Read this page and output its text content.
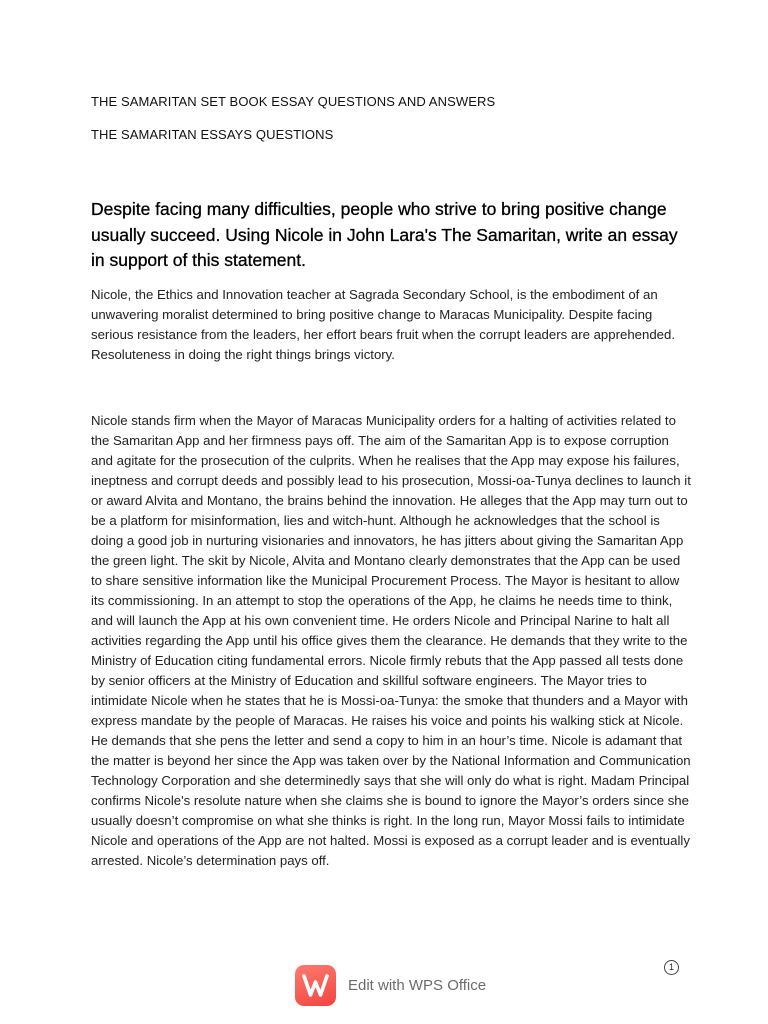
THE SAMARITAN SET BOOK ESSAY QUESTIONS AND ANSWERS

THE SAMARITAN ESSAYS QUESTIONS

Despite facing many difficulties, people who strive to bring positive change usually succeed. Using Nicole in John Lara's The Samaritan, write an essay in support of this statement.

Nicole, the Ethics and Innovation teacher at Sagrada Secondary School, is the embodiment of an unwavering moralist determined to bring positive change to Maracas Municipality. Despite facing serious resistance from the leaders, her effort bears fruit when the corrupt leaders are apprehended. Resoluteness in doing the right things brings victory.

Nicole stands firm when the Mayor of Maracas Municipality orders for a halting of activities related to the Samaritan App and her firmness pays off. The aim of the Samaritan App is to expose corruption and agitate for the prosecution of the culprits. When he realises that the App may expose his failures, ineptness and corrupt deeds and possibly lead to his prosecution, Mossi-oa-Tunya declines to launch it or award Alvita and Montano, the brains behind the innovation. He alleges that the App may turn out to be a platform for misinformation, lies and witch-hunt. Although he acknowledges that the school is doing a good job in nurturing visionaries and innovators, he has jitters about giving the Samaritan App the green light. The skit by Nicole, Alvita and Montano clearly demonstrates that the App can be used to share sensitive information like the Municipal Procurement Process. The Mayor is hesitant to allow its commissioning. In an attempt to stop the operations of the App, he claims he needs time to think, and will launch the App at his own convenient time. He orders Nicole and Principal Narine to halt all activities regarding the App until his office gives them the clearance. He demands that they write to the Ministry of Education citing fundamental errors. Nicole firmly rebuts that the App passed all tests done by senior officers at the Ministry of Education and skillful software engineers. The Mayor tries to intimidate Nicole when he states that he is Mossi-oa-Tunya: the smoke that thunders and a Mayor with express mandate by the people of Maracas. He raises his voice and points his walking stick at Nicole. He demands that she pens the letter and send a copy to him in an hour’s time. Nicole is adamant that the matter is beyond her since the App was taken over by the National Information and Communication Technology Corporation and she determinedly says that she will only do what is right. Madam Principal confirms Nicole's resolute nature when she claims she is bound to ignore the Mayor’s orders since she usually doesn’t compromise on what she thinks is right. In the long run, Mayor Mossi fails to intimidate Nicole and operations of the App are not halted. Mossi is exposed as a corrupt leader and is eventually arrested. Nicole’s determination pays off.

1
Edit with WPS Office
